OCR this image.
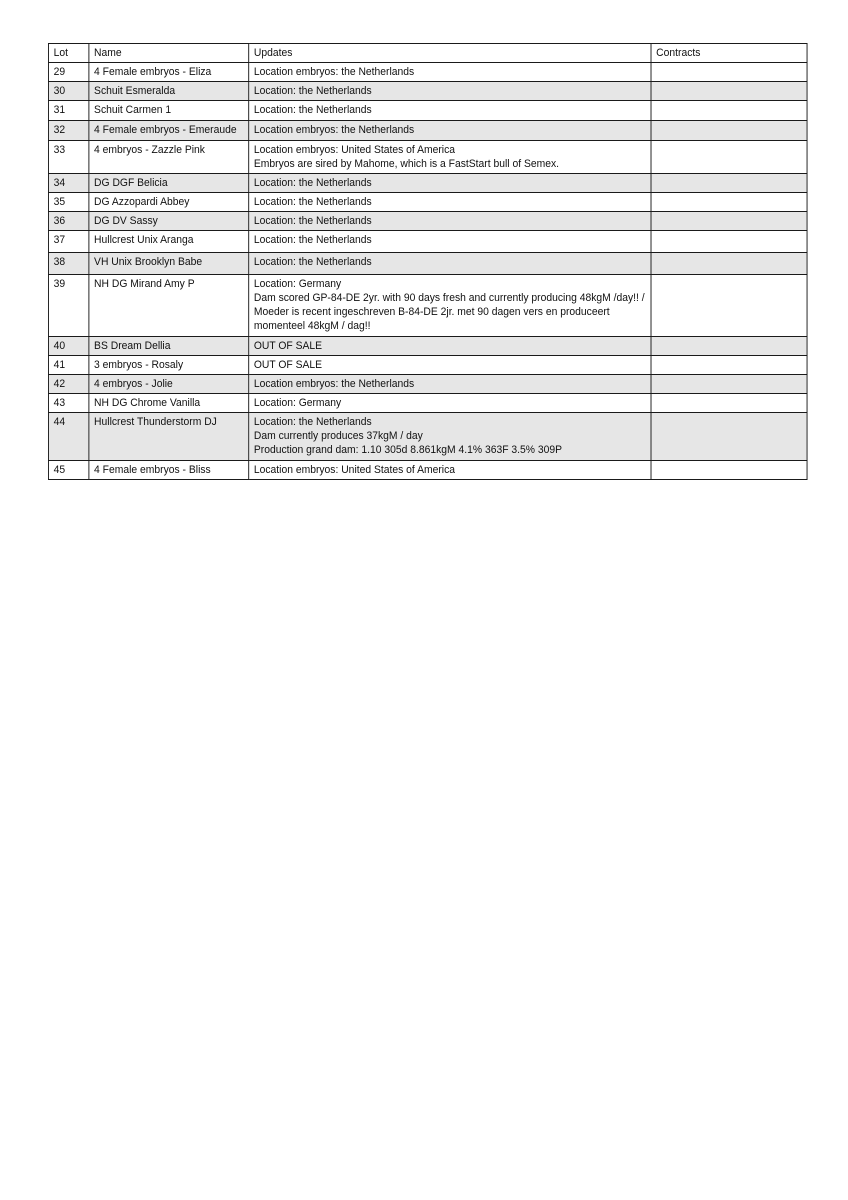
Lot	Name	Updates	Contracts
29	4 Female embryos - Eliza	Location embryos: the Netherlands	

30	Schuit Esmeralda	Location: the Netherlands	

31	Schuit Carmen 1	Location: the Netherlands	

32	4 Female embryos - Emeraude	Location embryos: the Netherlands	

33	4 embryos - Zazzle Pink	Location embryos: United States of America
Embryos are sired by Mahome, which is a FastStart bull of Semex.	

34	DG DGF Belicia	Location: the Netherlands	

35	DG Azzopardi Abbey	Location: the Netherlands	

36	DG DV Sassy	Location: the Netherlands	

37	Hullcrest Unix Aranga	Location: the Netherlands	

38	VH Unix Brooklyn Babe	Location: the Netherlands	

39	NH DG Mirand Amy P	Location: Germany
Dam scored GP-84-DE 2yr. with 90 days fresh and currently producing 48kgM /day!! /
Moeder is recent ingeschreven B-84-DE 2jr. met 90 dagen vers en produceert
momenteel 48kgM / dag!!	

40	BS Dream Dellia	OUT OF SALE	

41	3 embryos - Rosaly	OUT OF SALE	

42	4 embryos - Jolie	Location embryos: the Netherlands	

43	NH DG Chrome Vanilla	Location: Germany	

44	Hullcrest Thunderstorm DJ	Location: the Netherlands
Dam currently produces 37kgM / day
Production grand dam: 1.10 305d 8.861kgM 4.1% 363F 3.5% 309P	

45	4 Female embryos - Bliss	Location embryos: United States of America	
